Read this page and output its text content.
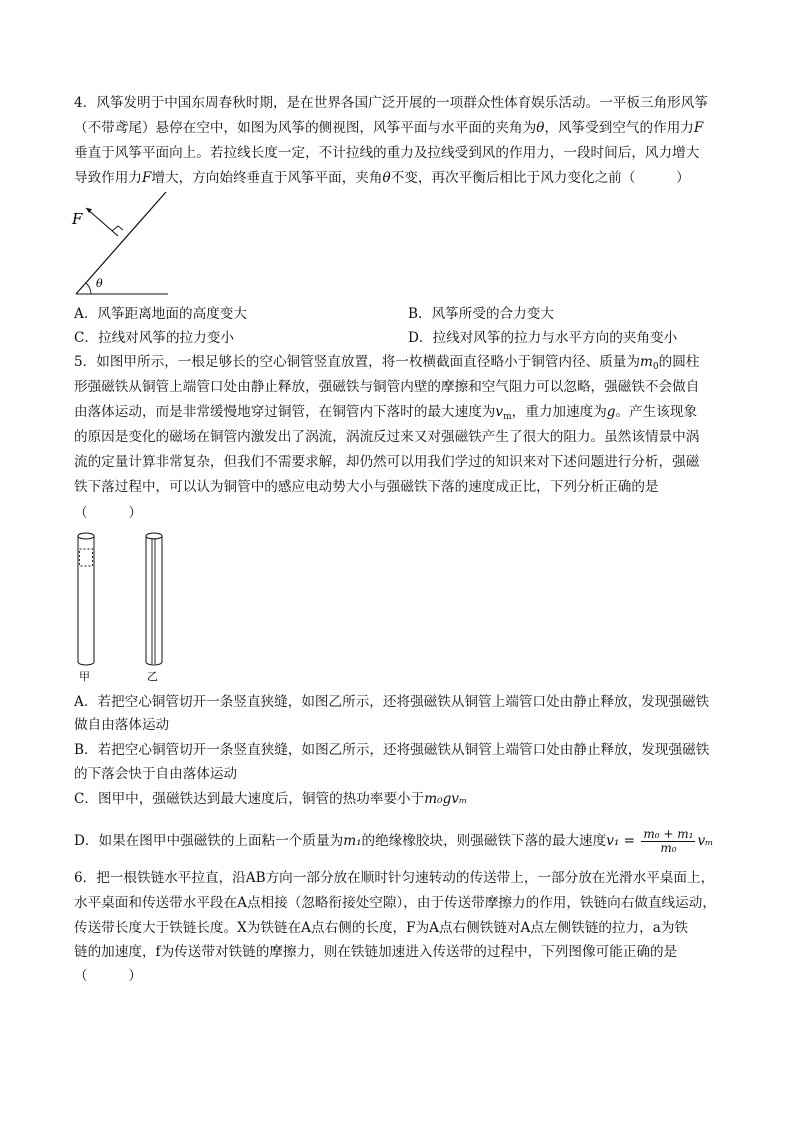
4．风筝发明于中国东周春秋时期，是在世界各国广泛开展的一项群众性体育娱乐活动。一平板三角形风筝
（不带鸢尾）悬停在空中，如图为风筝的侧视图，风筝平面与水平面的夹角为θ，风筝受到空气的作用力F
垂直于风筝平面向上。若拉线长度一定，不计拉线的重力及拉线受到风的作用力，一段时间后，风力增大
导致作用力F增大，方向始终垂直于风筝平面，夹角θ不变，再次平衡后相比于风力变化之前（　　　）
F
θ
A．风筝距离地面的高度变大	B．风筝所受的合力变大
C．拉线对风筝的拉力变小	D．拉线对风筝的拉力与水平方向的夹角变小
5．如图甲所示，一根足够长的空心铜管竖直放置，将一枚横截面直径略小于铜管内径、质量为$m_0$的圆柱
形强磁铁从铜管上端管口处由静止释放，强磁铁与铜管内壁的摩擦和空气阻力可以忽略，强磁铁不会做自
由落体运动，而是非常缓慢地穿过铜管，在铜管内下落时的最大速度为$v_m$，重力加速度为g。产生该现象
的原因是变化的磁场在铜管内激发出了涡流，涡流反过来又对强磁铁产生了很大的阻力。虽然该情景中涡
流的定量计算非常复杂，但我们不需要求解，却仍然可以用我们学过的知识来对下述问题进行分析，强磁
铁下落过程中，可以认为铜管中的感应电动势大小与强磁铁下落的速度成正比，下列分析正确的是
（　　　）
甲	乙
A．若把空心铜管切开一条竖直狭缝，如图乙所示，还将强磁铁从铜管上端管口处由静止释放，发现强磁铁
做自由落体运动
B．若把空心铜管切开一条竖直狭缝，如图乙所示，还将强磁铁从铜管上端管口处由静止释放，发现强磁铁
的下落会快于自由落体运动
C．图甲中，强磁铁达到最大速度后，铜管的热功率要小于m₀gvₘ
D．如果在图甲中强磁铁的上面粘一个质量为m₁的绝缘橡胶块，则强磁铁下落的最大速度$v_1 = \frac{\text{m₀ + m₁}}{\text{m₀}}$ vₘ
6．把一根铁链水平拉直，沿AB方向一部分放在顺时针匀速转动的传送带上，一部分放在光滑水平桌面上，
水平桌面和传送带水平段在A点相接（忽略衔接处空隙），由于传送带摩擦力的作用，铁链向右做直线运动，
传送带长度大于铁链长度。X为铁链在A点右侧的长度，F为A点右侧铁链对A点左侧铁链的拉力，a为铁
链的加速度，f为传送带对铁链的摩擦力，则在铁链加速进入传送带的过程中，下列图像可能正确的是
（　　　）
